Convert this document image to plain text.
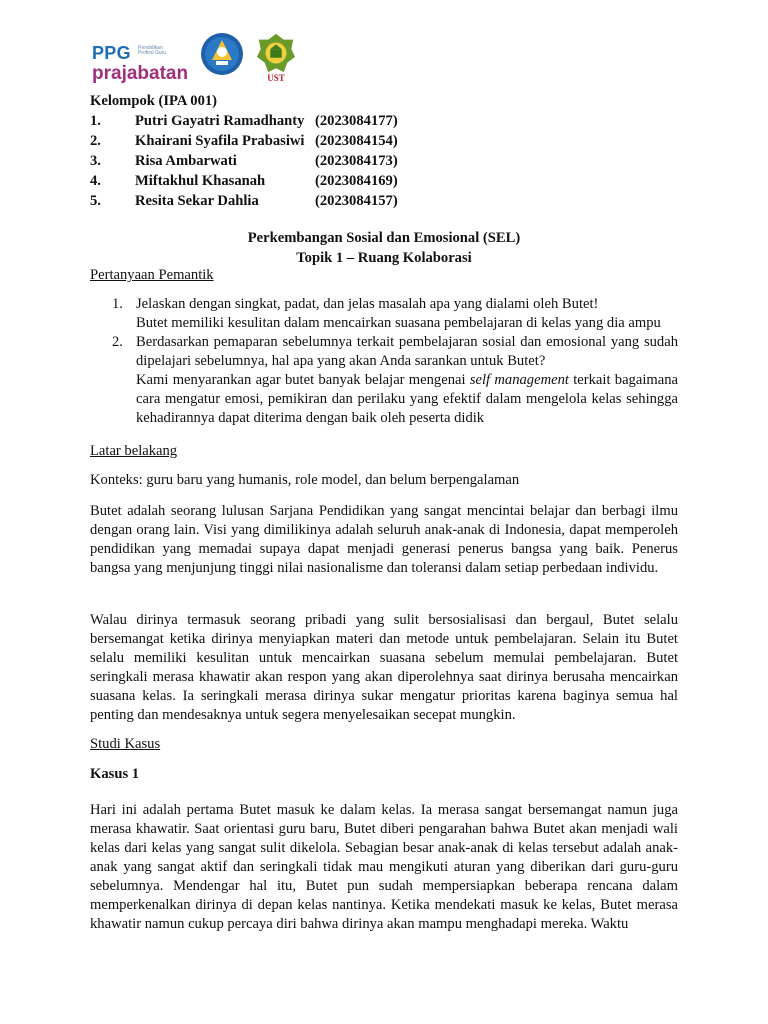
PPG	Pendidikan Profesi Guru
prajabatan	UST
Kelompok (IPA 001)
1. Putri Gayatri Ramadhanty (2023084177)
2. Khairani Syafila Prabasiwi (2023084154)
3. Risa Ambarwati	(2023084173)
4. Miftakhul Khasanah	(2023084169)
5. Resita Sekar Dahlia	(2023084157)
Perkembangan Sosial dan Emosional (SEL)
Topik 1 – Ruang Kolaborasi
Pertanyaan Pemantik
1. Jelaskan dengan singkat, padat, dan jelas masalah apa yang dialami oleh Butet!

Butet memiliki kesulitan dalam mencairkan suasana pembelajaran di kelas yang dia ampu

2. Berdasarkan pemaparan sebelumnya terkait pembelajaran sosial dan emosional yang sudah dipelajari sebelumnya, hal apa yang akan Anda sarankan untuk Butet?

Kami menyarankan agar butet banyak belajar mengenai self management terkait bagaimana cara mengatur emosi, pemikiran dan perilaku yang efektif dalam mengelola kelas sehingga kehadirannya dapat diterima dengan baik oleh peserta didik

Latar belakang
Konteks: guru baru yang humanis, role model, dan belum berpengalaman

Butet adalah seorang lulusan Sarjana Pendidikan yang sangat mencintai belajar dan berbagi ilmu dengan orang lain. Visi yang dimilikinya adalah seluruh anak-anak di Indonesia, dapat memperoleh pendidikan yang memadai supaya dapat menjadi generasi penerus bangsa yang baik. Penerus bangsa yang menjunjung tinggi nilai nasionalisme dan toleransi dalam setiap perbedaan individu.

Walau dirinya termasuk seorang pribadi yang sulit bersosialisasi dan bergaul, Butet selalu bersemangat ketika dirinya menyiapkan materi dan metode untuk pembelajaran. Selain itu Butet selalu memiliki kesulitan untuk mencairkan suasana sebelum memulai pembelajaran. Butet seringkali merasa khawatir akan respon yang akan diperolehnya saat dirinya berusaha mencairkan suasana kelas. Ia seringkali merasa dirinya sukar mengatur prioritas karena baginya semua hal penting dan mendesaknya untuk segera menyelesaikan secepat mungkin.

Studi Kasus
Kasus 1

Hari ini adalah pertama Butet masuk ke dalam kelas. Ia merasa sangat bersemangat namun juga merasa khawatir. Saat orientasi guru baru, Butet diberi pengarahan bahwa Butet akan menjadi wali kelas dari kelas yang sangat sulit dikelola. Sebagian besar anak-anak di kelas tersebut adalah anak-anak yang sangat aktif dan seringkali tidak mau mengikuti aturan yang diberikan dari guru-guru sebelumnya. Mendengar hal itu, Butet pun sudah mempersiapkan beberapa rencana dalam memperkenalkan dirinya di depan kelas nantinya. Ketika mendekati masuk ke kelas, Butet merasa khawatir namun cukup percaya diri bahwa dirinya akan mampu menghadapi mereka. Waktu
